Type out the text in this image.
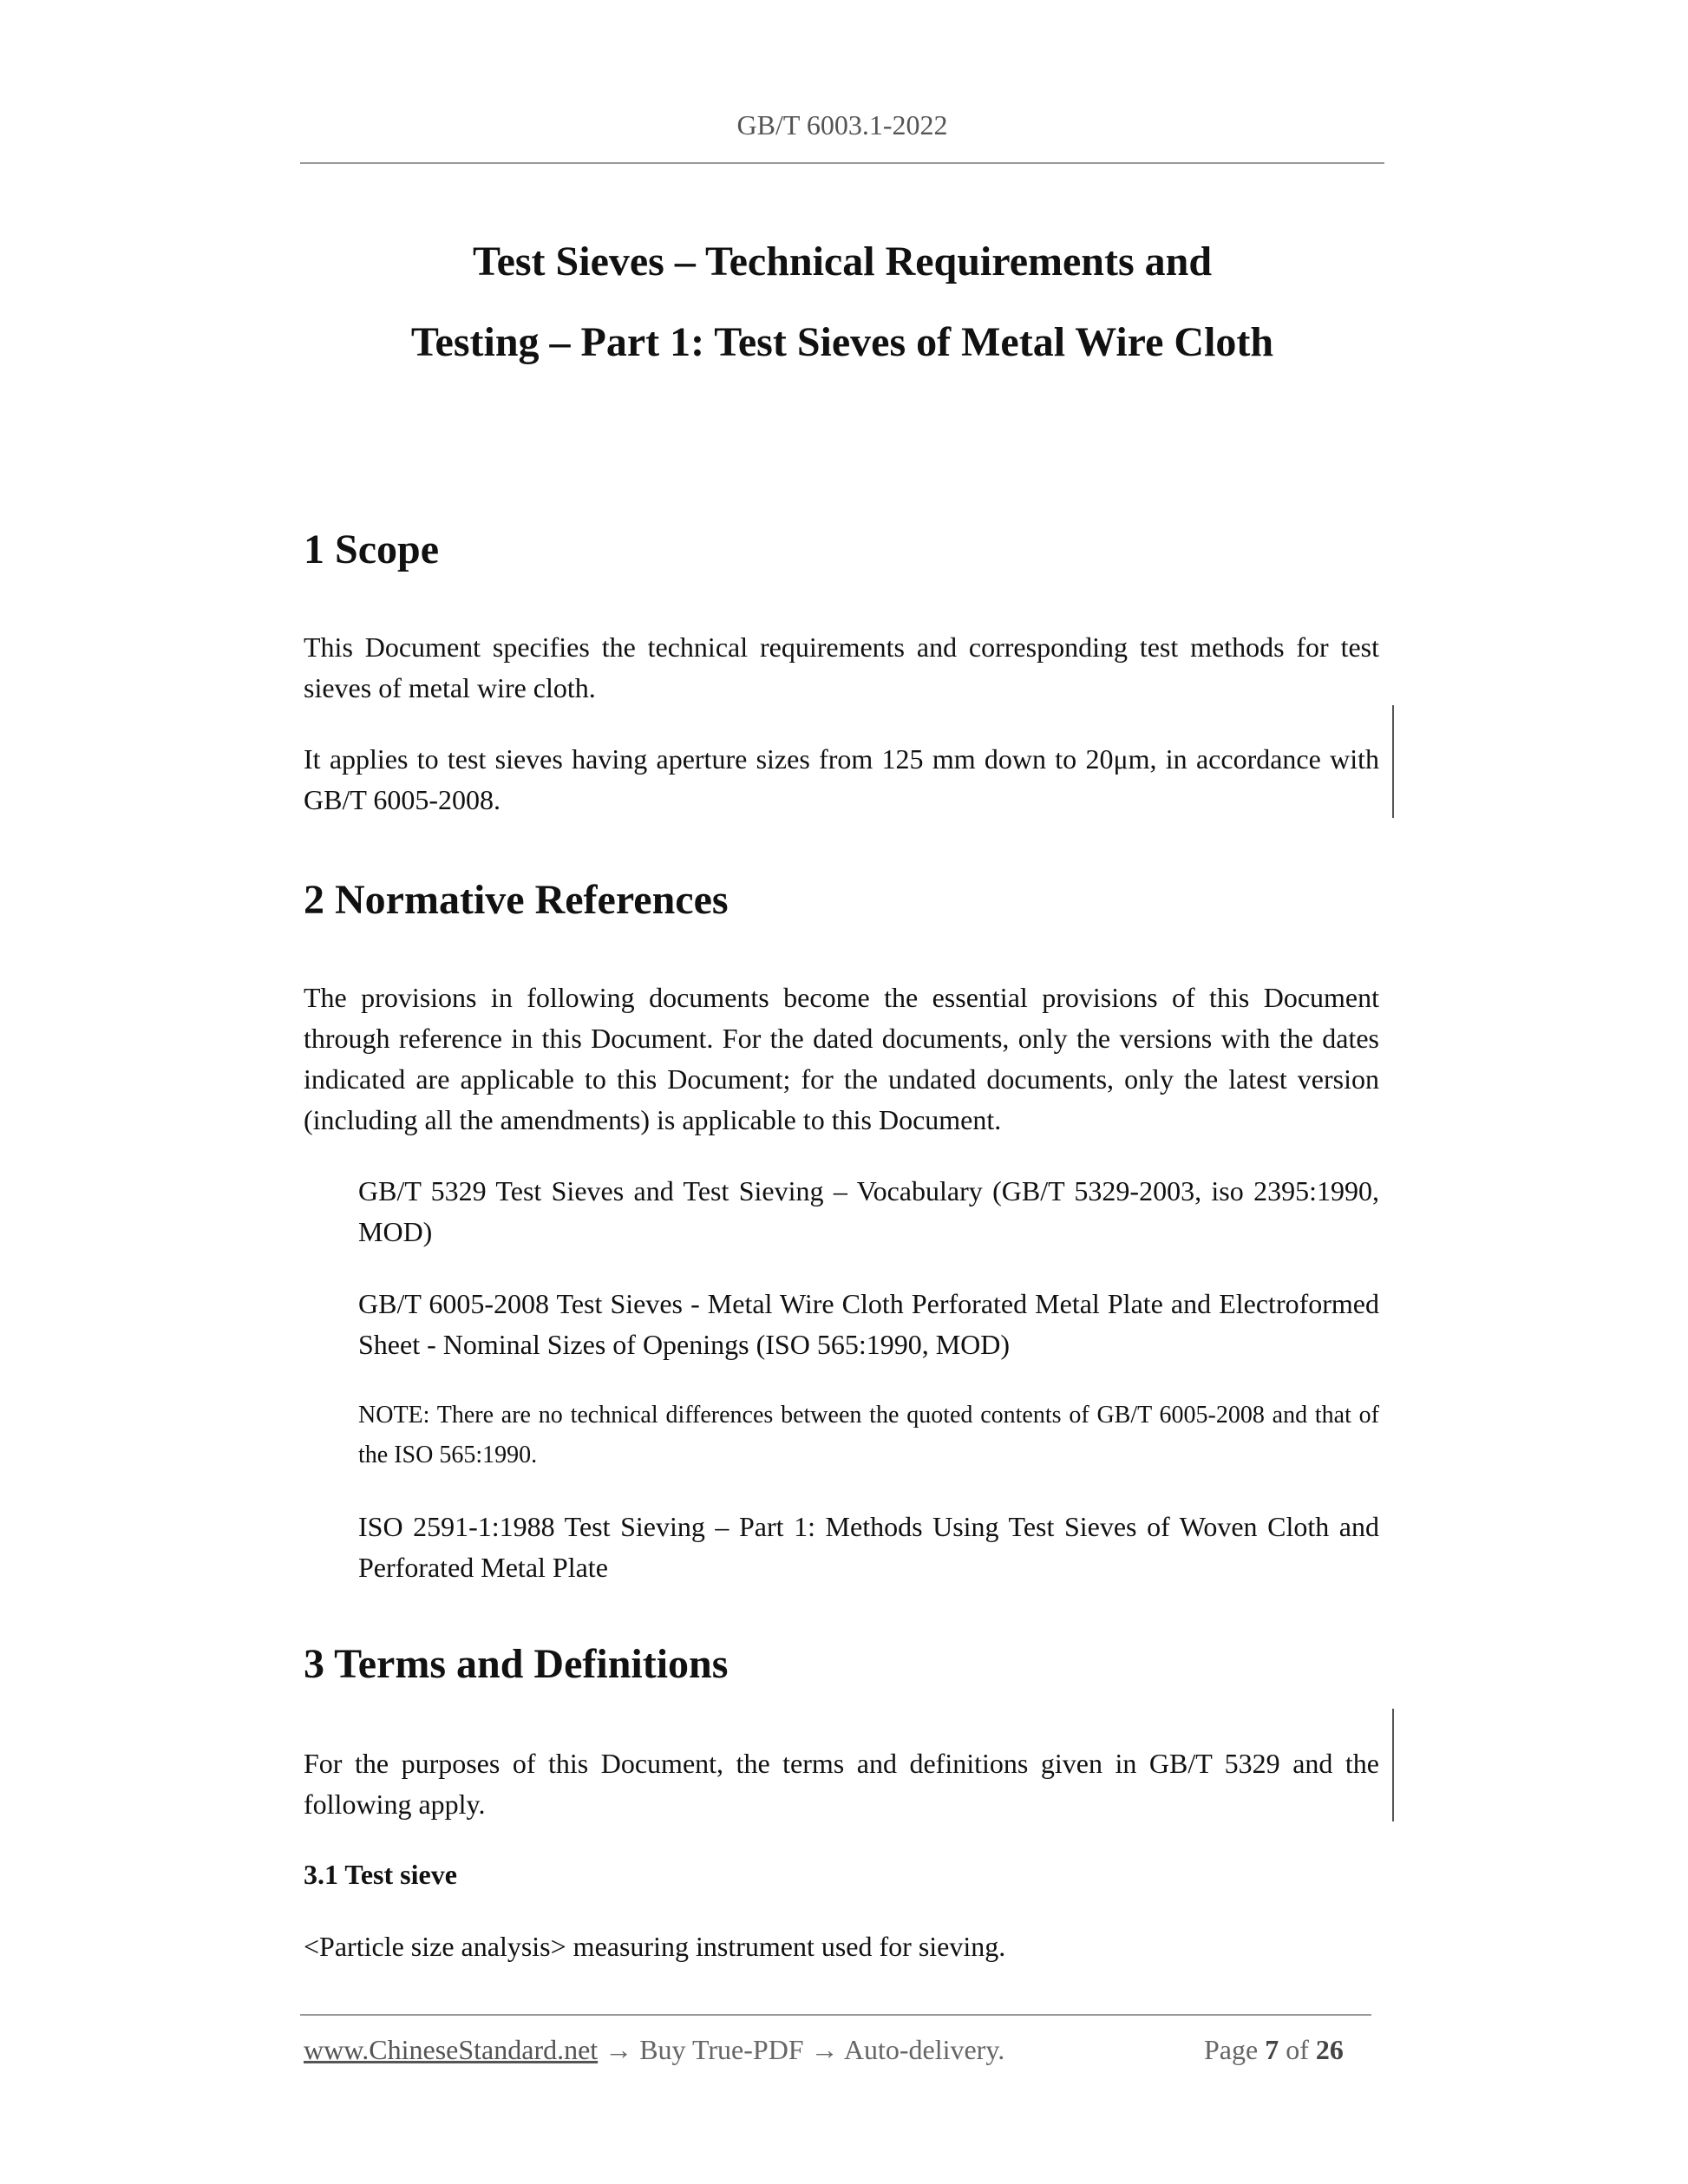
GB/T 6003.1-2022
Test Sieves – Technical Requirements and
Testing – Part 1: Test Sieves of Metal Wire Cloth
1 Scope

This Document specifies the technical requirements and corresponding test methods for test sieves of metal wire cloth.

It applies to test sieves having aperture sizes from 125 mm down to 20μm, in accordance with GB/T 6005-2008.

2 Normative References

The provisions in following documents become the essential provisions of this Document through reference in this Document. For the dated documents, only the versions with the dates indicated are applicable to this Document; for the undated documents, only the latest version (including all the amendments) is applicable to this Document.

GB/T 5329 Test Sieves and Test Sieving – Vocabulary (GB/T 5329-2003, iso 2395:1990, MOD)

GB/T 6005-2008 Test Sieves - Metal Wire Cloth Perforated Metal Plate and Electroformed Sheet - Nominal Sizes of Openings (ISO 565:1990, MOD)

NOTE: There are no technical differences between the quoted contents of GB/T 6005-2008 and that of the ISO 565:1990.

ISO 2591-1:1988 Test Sieving – Part 1: Methods Using Test Sieves of Woven Cloth and Perforated Metal Plate

3 Terms and Definitions

For the purposes of this Document, the terms and definitions given in GB/T 5329 and the following apply.

3.1 Test sieve

<Particle size analysis> measuring instrument used for sieving.

www.ChineseStandard.net → Buy True-PDF → Auto-delivery.	Page 7 of 26
